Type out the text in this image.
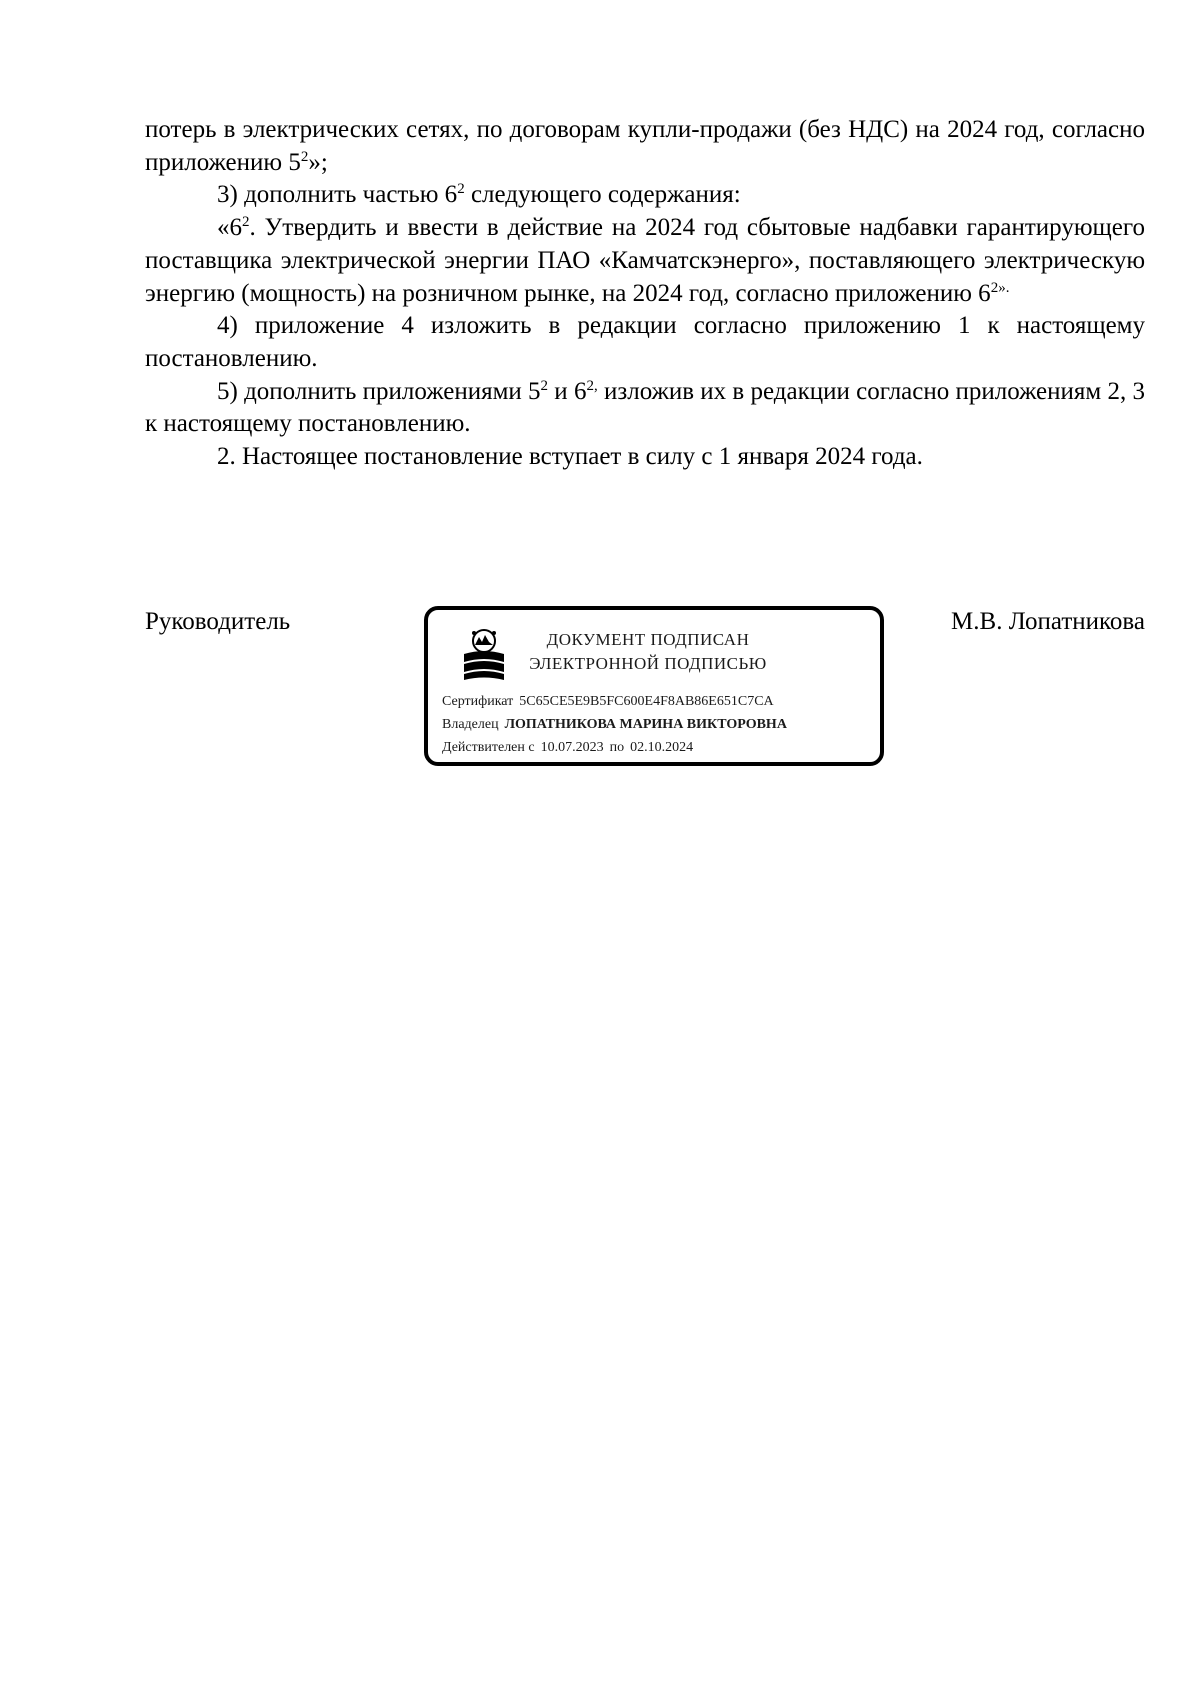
потерь в электрических сетях, по договорам купли-продажи (без НДС) на 2024 год, согласно приложению $5^2$»;

3) дополнить частью $6^2$ следующего содержания:

«$6^2$. Утвердить и ввести в действие на 2024 год сбытовые надбавки гарантирующего поставщика электрической энергии ПАО «Камчатскэнерго», поставляющего электрическую энергию (мощность) на розничном рынке, на 2024 год, согласно приложению $6^{2».}$

4) приложение 4 изложить в редакции согласно приложению 1 к настоящему постановлению.

5) дополнить приложениями $5^2$ и $6^{2,}$ изложив их в редакции согласно приложениям 2, 3 к настоящему постановлению.

2. Настоящее постановление вступает в силу с 1 января 2024 года.

Руководитель	М.В. Лопатникова
ДОКУМЕНТ ПОДПИСАН
ЭЛЕКТРОННОЙ ПОДПИСЬЮ
Сертификат 5C65CE5E9B5FC600E4F8AB86E651C7CA
Владелец ЛОПАТНИКОВА МАРИНА ВИКТОРОВНА
Действителен с 10.07.2023 по 02.10.2024
